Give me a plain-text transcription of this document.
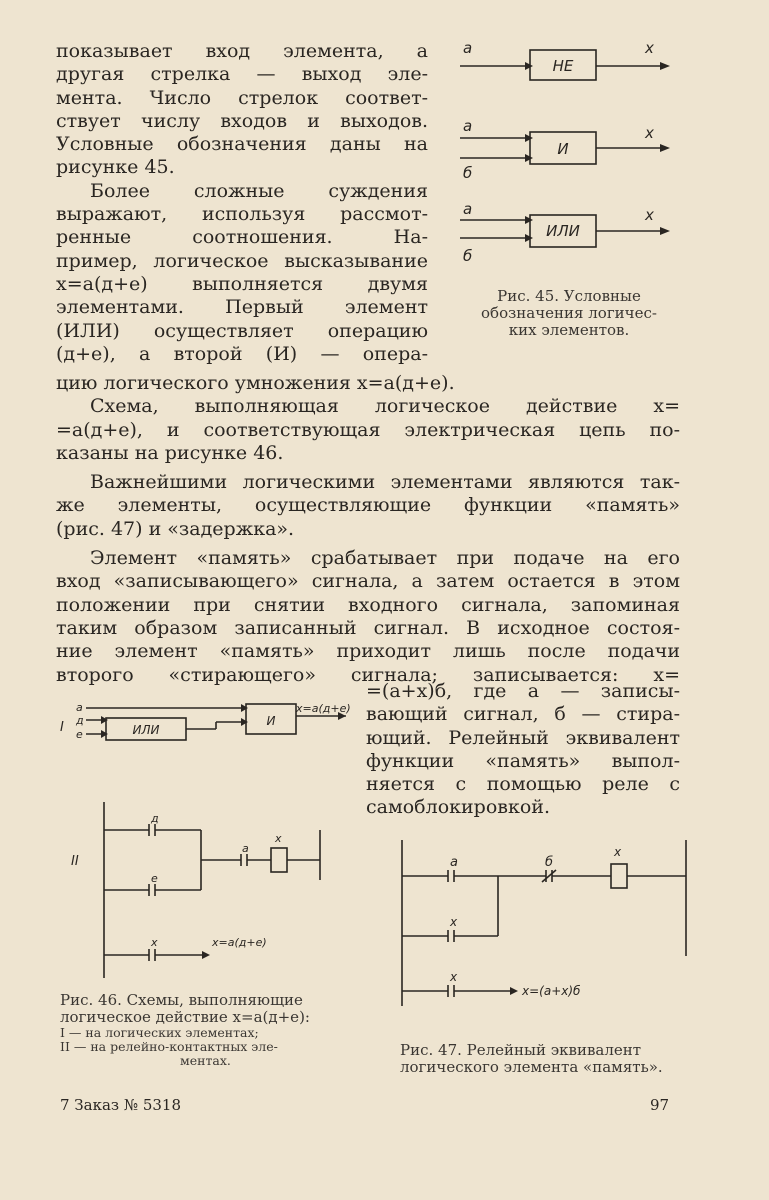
показывает вход элемента, а
другая стрелка — выход эле-
мента. Число стрелок соответ-
ствует числу входов и выходов.
Условные обозначения даны на
рисунке 45.
Более сложные суждения
выражают, используя рассмот-
ренные соотношения. На-
пример, логическое высказывание
x=a(д+e) выполняется двумя
элементами. Первый элемент
(ИЛИ) осуществляет операцию
(д+e), а второй (И) — опера-
цию логического умножения x=a(д+e).
Схема, выполняющая логическое действие x=
=a(д+e), и соответствующая электрическая цепь по-
казаны на рисунке 46.
Важнейшими логическими элементами являются так-
же элементы, осуществляющие функции «память»
(рис. 47) и «задержка».
Элемент «память» срабатывает при подаче на его
вход «записывающего» сигнала, а затем остается в этом
положении при снятии входного сигнала, запоминая
таким образом записанный сигнал. В исходное состоя-
ние элемент «память» приходит лишь после подачи
второго «стирающего» сигнала; записывается: x=
=(a+x)б, где a — записы-
вающий сигнал, б — стира-
ющий. Релейный эквивалент
функции «память» выпол-
няется с помощью реле с
самоблокировкой.
a	x
НЕ
a
б
x
И
a
б
x
ИЛИ
Рис. 45. Условные
обозначения логичес-
ких элементов.
I
a
д
e	ИЛИ
И
x=a(д+e)
II
д
e
a
x
x	x=a(д+e)
Рис. 46. Схемы, выполняющие
логическое действие x=a(д+e):
I — на логических элементах;
II — на релейно-контактных эле-
ментах.
a	б
x
x
x
x=(a+x)б
Рис. 47. Релейный эквивалент
логического элемента «память».
7 Заказ № 5318	97
